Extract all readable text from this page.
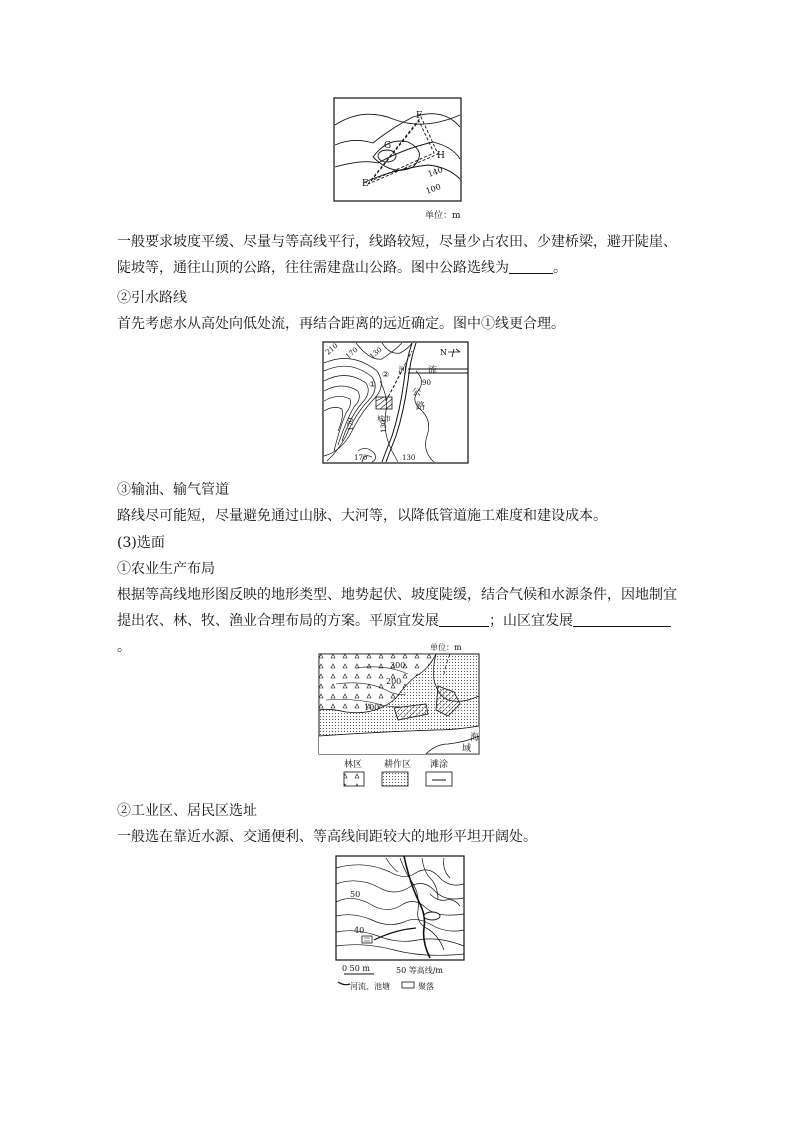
F
G
H
E
140
100
单位：m

一般要求坡度平缓、尽量与等高线平行，线路较短，尽量少占农田、少建桥梁，避开陡崖、陡坡等，通往山顶的公路，往往需建盘山公路。图中公路选线为	。

②引水路线

首先考虑水从高处向低处流，再结合距离的远近确定。图中①线更合理。

210 170 130	N
河 流
90
公
路
①
②
城市
130
170
170	130

③输油、输气管道

路线尽可能短，尽量避免通过山脉、大河等，以降低管道施工难度和建设成本。

(3)选面

①农业生产布局

根据等高线地形图反映的地形类型、地势起伏、坡度陡缓，结合气候和水源条件，因地制宜提出农、林、牧、渔业合理布局的方案。平原宜发展	；山区宜发展。	单位：m
300
200
100
海
域
林区 耕作区 滩涂

②工业区、居民区选址

一般选在靠近水源、交通便利、等高线间距较大的地形平坦开阔处。

50
40
0 50 m	50 等高线/m
河流、池塘	聚落
